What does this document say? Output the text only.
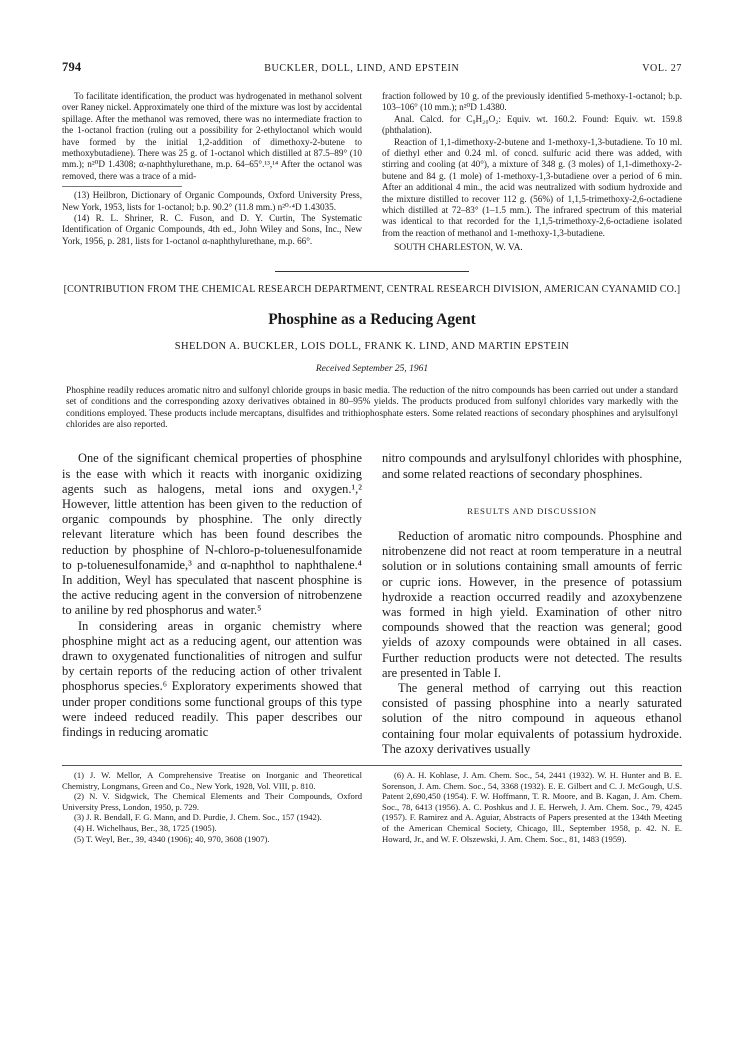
794	BUCKLER, DOLL, LIND, AND EPSTEIN	VOL. 27

To facilitate identification, the product was hydrogenated in methanol solvent over Raney nickel. Approximately one third of the mixture was lost by accidental spillage. After the methanol was removed, there was no intermediate fraction to the 1-octanol fraction (ruling out a possibility for 2-ethyloctanol which would have formed by the initial 1,2-addition of dimethoxy-2-butene to methoxybutadiene). There was 25 g. of 1-octanol which distilled at 87.5–89° (10 mm.); n²⁰D 1.4308; α-naphthylurethane, m.p. 64–65°.¹³,¹⁴ After the octanol was removed, there was a trace of a mid-

(13) Heilbron, Dictionary of Organic Compounds, Oxford University Press, New York, 1953, lists for 1-octanol; b.p. 90.2° (11.8 mm.) n²⁰·⁴D 1.43035.

(14) R. L. Shriner, R. C. Fuson, and D. Y. Curtin, The Systematic Identification of Organic Compounds, 4th ed., John Wiley and Sons, Inc., New York, 1956, p. 281, lists for 1-octanol α-naphthylurethane, m.p. 66°.

fraction followed by 10 g. of the previously identified 5-methoxy-1-octanol; b.p. 103–106° (10 mm.); n²⁰D 1.4380.

Anal. Calcd. for C₉H₂₀O₂: Equiv. wt. 160.2. Found: Equiv. wt. 159.8 (phthalation).

Reaction of 1,1-dimethoxy-2-butene and 1-methoxy-1,3-butadiene. To 10 ml. of diethyl ether and 0.24 ml. of concd. sulfuric acid there was added, with stirring and cooling (at 40°), a mixture of 348 g. (3 moles) of 1,1-dimethoxy-2-butene and 84 g. (1 mole) of 1-methoxy-1,3-butadiene over a period of 6 min. After an additional 4 min., the acid was neutralized with sodium hydroxide and the mixture distilled to recover 112 g. (56%) of 1,1,5-trimethoxy-2,6-octadiene which distilled at 72–83° (1–1.5 mm.). The infrared spectrum of this material was identical to that recorded for the 1,1,5-trimethoxy-2,6-octadiene isolated from the reaction of methanol and 1-methoxy-1,3-butadiene.

SOUTH CHARLESTON, W. VA.
[CONTRIBUTION FROM THE CHEMICAL RESEARCH DEPARTMENT, CENTRAL RESEARCH DIVISION, AMERICAN CYANAMID CO.]
Phosphine as a Reducing Agent
SHELDON A. BUCKLER, LOIS DOLL, FRANK K. LIND, AND MARTIN EPSTEIN
Received September 25, 1961
Phosphine readily reduces aromatic nitro and sulfonyl chloride groups in basic media. The reduction of the nitro compounds has been carried out under a standard set of conditions and the corresponding azoxy derivatives obtained in 80–95% yields. The products produced from sulfonyl chlorides vary markedly with the conditions employed. These products include mercaptans, disulfides and trithiophosphate esters. Some related reactions of secondary phosphines and arylsulfonyl chlorides are also reported.

One of the significant chemical properties of phosphine is the ease with which it reacts with inorganic oxidizing agents such as halogens, metal ions and oxygen.¹,² However, little attention has been given to the reduction of organic compounds by phosphine. The only directly relevant literature which has been found describes the reduction by phosphine of N-chloro-p-toluenesulfonamide to p-toluenesulfonamide,³ and α-naphthol to naphthalene.⁴ In addition, Weyl has speculated that nascent phosphine is the active reducing agent in the conversion of nitrobenzene to aniline by red phosphorus and water.⁵

In considering areas in organic chemistry where phosphine might act as a reducing agent, our attention was drawn to oxygenated functionalities of nitrogen and sulfur by certain reports of the reducing action of other trivalent phosphorus species.⁶ Exploratory experiments showed that under proper conditions some functional groups of this type were indeed reduced readily. This paper describes our findings in reducing aromatic

nitro compounds and arylsulfonyl chlorides with phosphine, and some related reactions of secondary phosphines.

RESULTS AND DISCUSSION

Reduction of aromatic nitro compounds. Phosphine and nitrobenzene did not react at room temperature in a neutral solution or in solutions containing small amounts of ferric or cupric ions. However, in the presence of potassium hydroxide a reaction occurred readily and azoxybenzene was formed in high yield. Examination of other nitro compounds showed that the reaction was general; good yields of azoxy compounds were obtained in all cases. Further reduction products were not detected. The results are presented in Table I.

The general method of carrying out this reaction consisted of passing phosphine into a nearly saturated solution of the nitro compound in aqueous ethanol containing four molar equivalents of potassium hydroxide. The azoxy derivatives usually

(1) J. W. Mellor, A Comprehensive Treatise on Inorganic and Theoretical Chemistry, Longmans, Green and Co., New York, 1928, Vol. VIII, p. 810.

(2) N. V. Sidgwick, The Chemical Elements and Their Compounds, Oxford University Press, London, 1950, p. 729.

(3) J. R. Bendall, F. G. Mann, and D. Purdie, J. Chem. Soc., 157 (1942).

(4) H. Wichelhaus, Ber., 38, 1725 (1905).

(5) T. Weyl, Ber., 39, 4340 (1906); 40, 970, 3608 (1907).

(6) A. H. Kohlase, J. Am. Chem. Soc., 54, 2441 (1932). W. H. Hunter and B. E. Sorenson, J. Am. Chem. Soc., 54, 3368 (1932). E. E. Gilbert and C. J. McGough, U.S. Patent 2,690,450 (1954). F. W. Hoffmann, T. R. Moore, and B. Kagan, J. Am. Chem. Soc., 78, 6413 (1956). A. C. Poshkus and J. E. Herweh, J. Am. Chem. Soc., 79, 4245 (1957). F. Ramirez and A. Aguiar, Abstracts of Papers presented at the 134th Meeting of the American Chemical Society, Chicago, Ill., September 1958, p. 42. N. E. Howard, Jr., and W. F. Olszewski, J. Am. Chem. Soc., 81, 1483 (1959).
